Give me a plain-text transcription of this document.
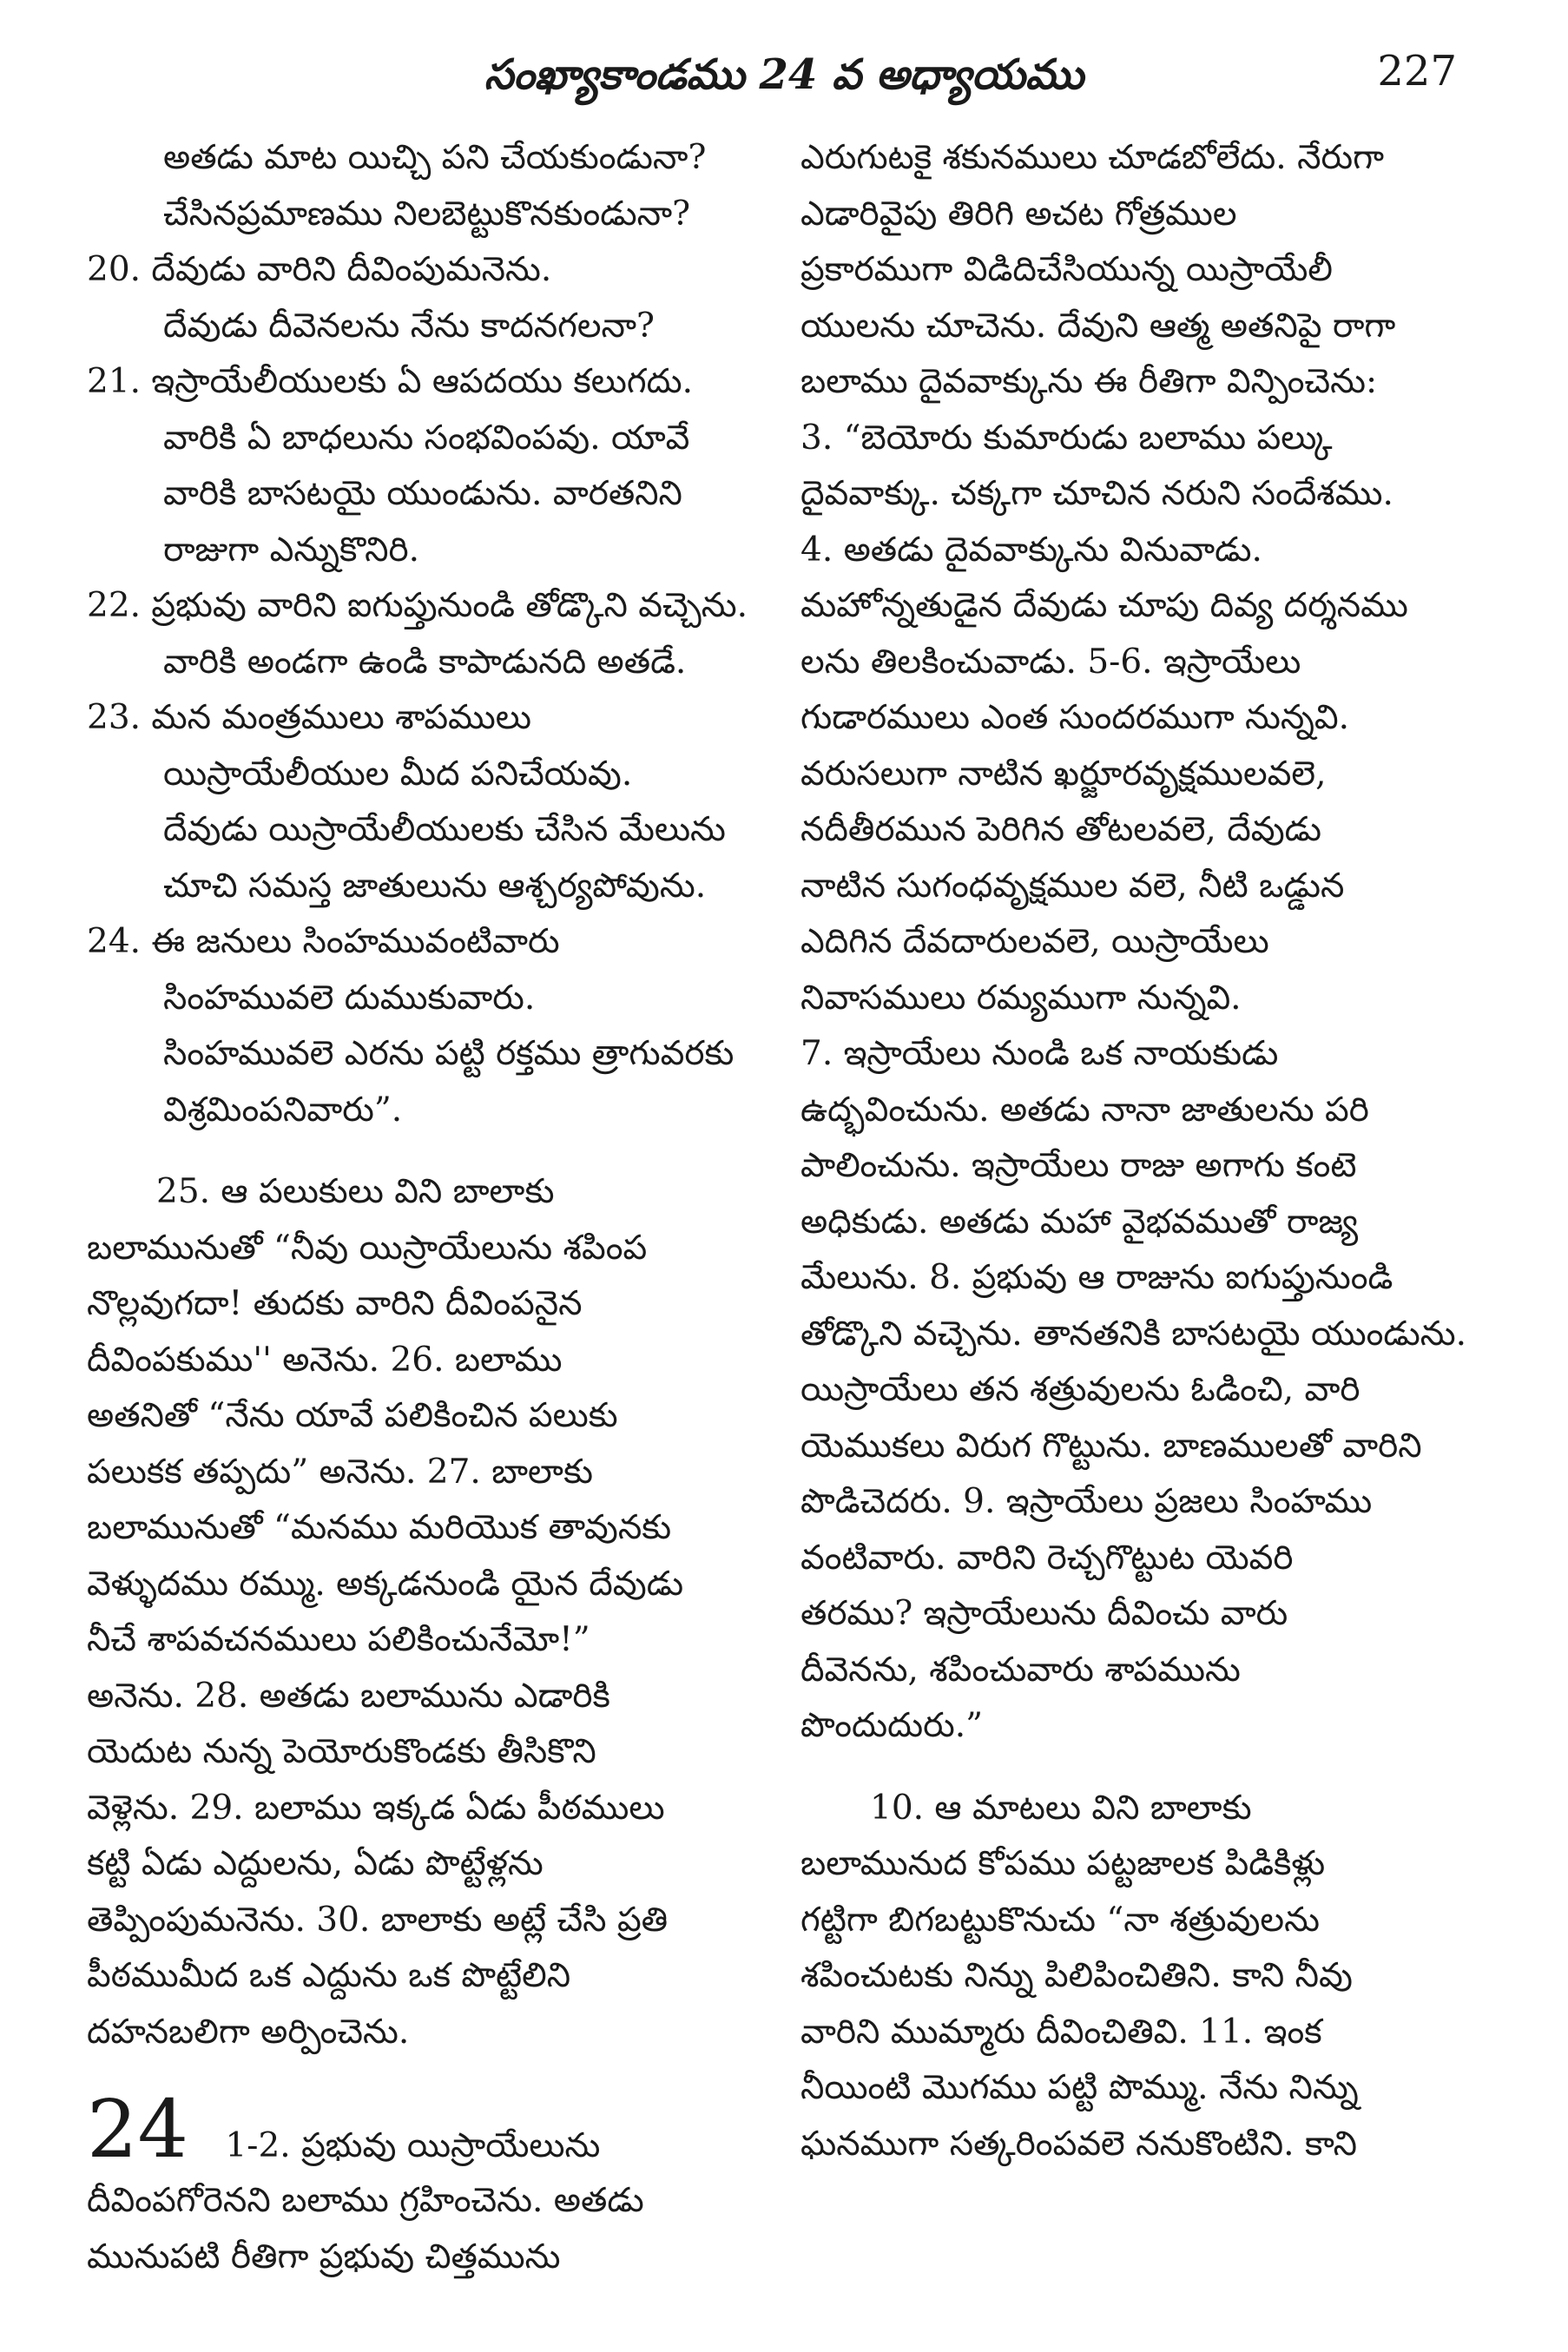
సంఖ్యాకాండము 24 వ అధ్యాయము	227
అతడు మాట యిచ్చి పని చేయకుండునా?
చేసినప్రమాణము నిలబెట్టుకొనకుండునా?
20. దేవుడు వారిని దీవింపుమనెను.
దేవుడు దీవెనలను నేను కాదనగలనా?
21. ఇస్రాయేలీయులకు ఏ ఆపదయు కలుగదు.
వారికి ఏ బాధలును సంభవింపవు. యావే
వారికి బాసటయై యుండును. వారతనిని
రాజుగా ఎన్నుకొనిరి.
22. ప్రభువు వారిని ఐగుప్తునుండి తోడ్కొని వచ్చెను.
వారికి అండగా ఉండి కాపాడునది అతడే.
23. మన మంత్రములు శాపములు
యిస్రాయేలీయుల మీద పనిచేయవు.
దేవుడు యిస్రాయేలీయులకు చేసిన మేలును
చూచి సమస్త జాతులును ఆశ్చర్యపోవును.
24. ఈ జనులు సింహమువంటివారు
సింహమువలె దుముకువారు.
సింహమువలె ఎరను పట్టి రక్తము త్రాగువరకు
విశ్రమింపనివారు”.
25. ఆ పలుకులు విని బాలాకు
బలామునుతో “నీవు యిస్రాయేలును శపింప
నొల్లవుగదా! తుదకు వారిని దీవింపనైన
దీవింపకుము'' అనెను. 26. బలాము
అతనితో “నేను యావే పలికించిన పలుకు
పలుకక తప్పదు” అనెను. 27. బాలాకు
బలామునుతో “మనము మరియొక తావునకు
వెళ్ళుదము రమ్ము. అక్కడనుండి యైన దేవుడు
నీచే శాపవచనములు పలికించునేమో!”
అనెను. 28. అతడు బలామును ఎడారికి
యెదుట నున్న పెయోరుకొండకు తీసికొని
వెళ్లెను. 29. బలాము ఇక్కడ ఏడు పీఠములు
కట్టి ఏడు ఎద్దులను, ఏడు పొట్టేళ్లను
తెప్పింపుమనెను. 30. బాలాకు అట్లే చేసి ప్రతి
పీఠముమీద ఒక ఎద్దును ఒక పొట్టేలిని
దహనబలిగా అర్పించెను.
24 1-2. ప్రభువు యిస్రాయేలును
దీవింపగోరెనని బలాము గ్రహించెను. అతడు
మునుపటి రీతిగా ప్రభువు చిత్తమును
ఎరుగుటకై శకునములు చూడబోలేదు. నేరుగా
ఎడారివైపు తిరిగి అచట గోత్రముల
ప్రకారముగా విడిదిచేసియున్న యిస్రాయేలీ
యులను చూచెను. దేవుని ఆత్మ అతనిపై రాగా
బలాము దైవవాక్కును ఈ రీతిగా విన్పించెను:
3. “బెయోరు కుమారుడు బలాము పల్కు
దైవవాక్కు. చక్కగా చూచిన నరుని సందేశము.
4. అతడు దైవవాక్కును వినువాడు.
మహోన్నతుడైన దేవుడు చూపు దివ్య దర్శనము
లను తిలకించువాడు. 5-6. ఇస్రాయేలు
గుడారములు ఎంత సుందరముగా నున్నవి.
వరుసలుగా నాటిన ఖర్జూరవృక్షములవలె,
నదీతీరమున పెరిగిన తోటలవలె, దేవుడు
నాటిన సుగంధవృక్షముల వలె, నీటి ఒడ్డున
ఎదిగిన దేవదారులవలె, యిస్రాయేలు
నివాసములు రమ్యముగా నున్నవి.
7. ఇస్రాయేలు నుండి ఒక నాయకుడు
ఉద్భవించును. అతడు నానా జాతులను పరి
పాలించును. ఇస్రాయేలు రాజు అగాగు కంటె
అధికుడు. అతడు మహా వైభవముతో రాజ్య
మేలును. 8. ప్రభువు ఆ రాజును ఐగుప్తునుండి
తోడ్కొని వచ్చెను. తానతనికి బాసటయై యుండును.
యిస్రాయేలు తన శత్రువులను ఓడించి, వారి
యెముకలు విరుగ గొట్టును. బాణములతో వారిని
పొడిచెదరు. 9. ఇస్రాయేలు ప్రజలు సింహము
వంటివారు. వారిని రెచ్చగొట్టుట యెవరి
తరము? ఇస్రాయేలును దీవించు వారు
దీవెనను, శపించువారు శాపమును
పొందుదురు.”
10. ఆ మాటలు విని బాలాకు
బలామునుద కోపము పట్టజాలక పిడికిళ్లు
గట్టిగా బిగబట్టుకొనుచు “నా శత్రువులను
శపించుటకు నిన్ను పిలిపించితిని. కాని నీవు
వారిని ముమ్మారు దీవించితివి. 11. ఇంక
నీయింటి మొగము పట్టి పొమ్ము. నేను నిన్ను
ఘనముగా సత్కరింపవలె ననుకొంటిని. కాని
